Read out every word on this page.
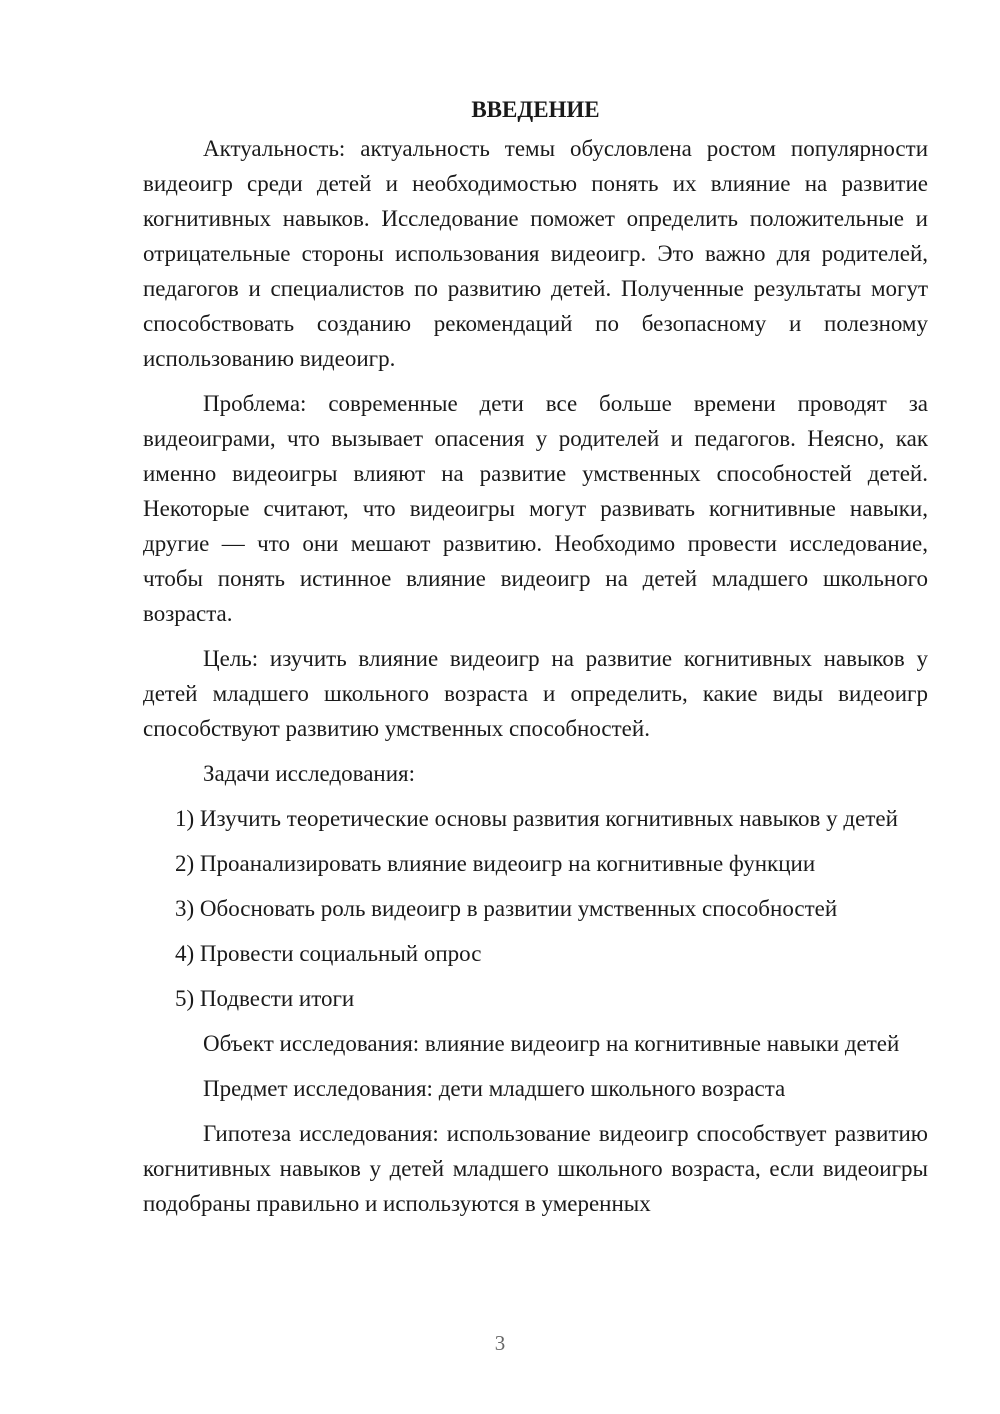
ВВЕДЕНИЕ

Актуальность: актуальность темы обусловлена ростом популярности видеоигр среди детей и необходимостью понять их влияние на развитие когнитивных навыков. Исследование поможет определить положительные и отрицательные стороны использования видеоигр. Это важно для родителей, педагогов и специалистов по развитию детей. Полученные результаты могут способствовать созданию рекомендаций по безопасному и полезному использованию видеоигр.

Проблема: современные дети все больше времени проводят за видеоиграми, что вызывает опасения у родителей и педагогов. Неясно, как именно видеоигры влияют на развитие умственных способностей детей. Некоторые считают, что видеоигры могут развивать когнитивные навыки, другие — что они мешают развитию. Необходимо провести исследование, чтобы понять истинное влияние видеоигр на детей младшего школьного возраста.

Цель: изучить влияние видеоигр на развитие когнитивных навыков у детей младшего школьного возраста и определить, какие виды видеоигр способствуют развитию умственных способностей.

Задачи исследования:

1) Изучить теоретические основы развития когнитивных навыков у детей

2) Проанализировать влияние видеоигр на когнитивные функции

3) Обосновать роль видеоигр в развитии умственных способностей

4) Провести социальный опрос

5) Подвести итоги

Объект исследования: влияние видеоигр на когнитивные навыки детей

Предмет исследования: дети младшего школьного возраста

Гипотеза исследования: использование видеоигр способствует развитию когнитивных навыков у детей младшего школьного возраста, если видеоигры подобраны правильно и используются в умеренных

3
